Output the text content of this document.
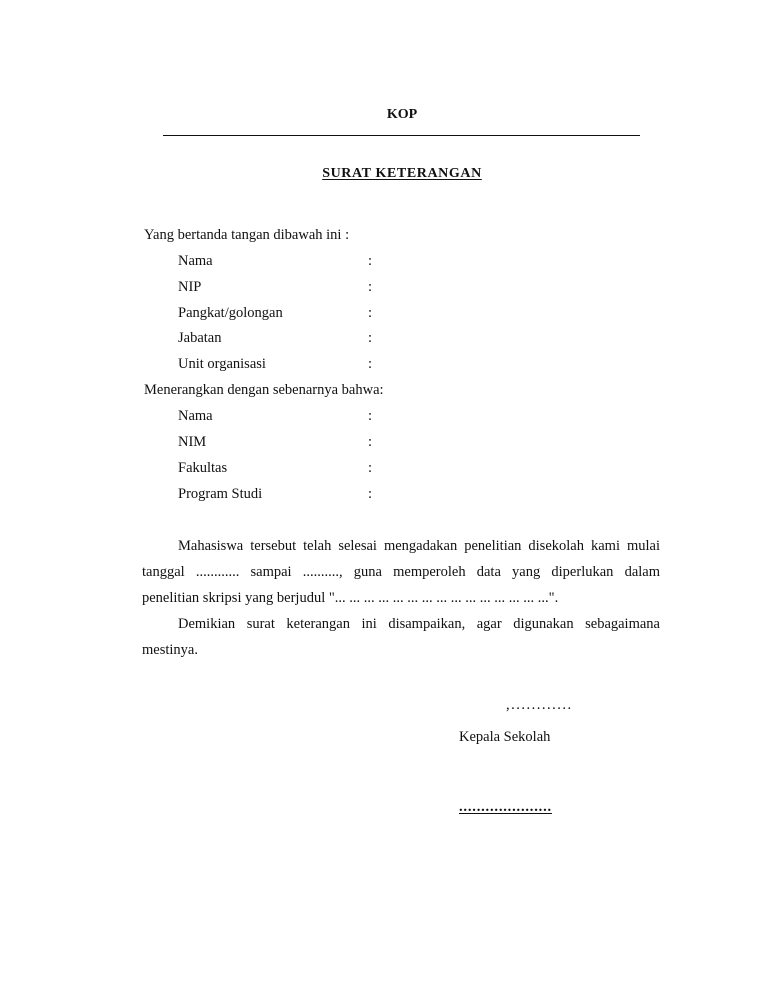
KOP
SURAT KETERANGAN
Yang bertanda tangan dibawah ini :
Nama	:
NIP	:
Pangkat/golongan	:
Jabatan	:
Unit organisasi	:
Menerangkan dengan sebenarnya bahwa:
Nama	:
NIM	:
Fakultas	:
Program Studi	:
Mahasiswa tersebut telah selesai mengadakan penelitian disekolah kami mulai
tanggal ............ sampai .........., guna memperoleh data yang diperlukan dalam
penelitian skripsi yang berjudul "... ... ... ... ... ... ... ... ... ... ... ... ... ... ...".
Demikian surat keterangan ini disampaikan, agar digunakan sebagaimana
mestinya.
,............
Kepala Sekolah
.....................
